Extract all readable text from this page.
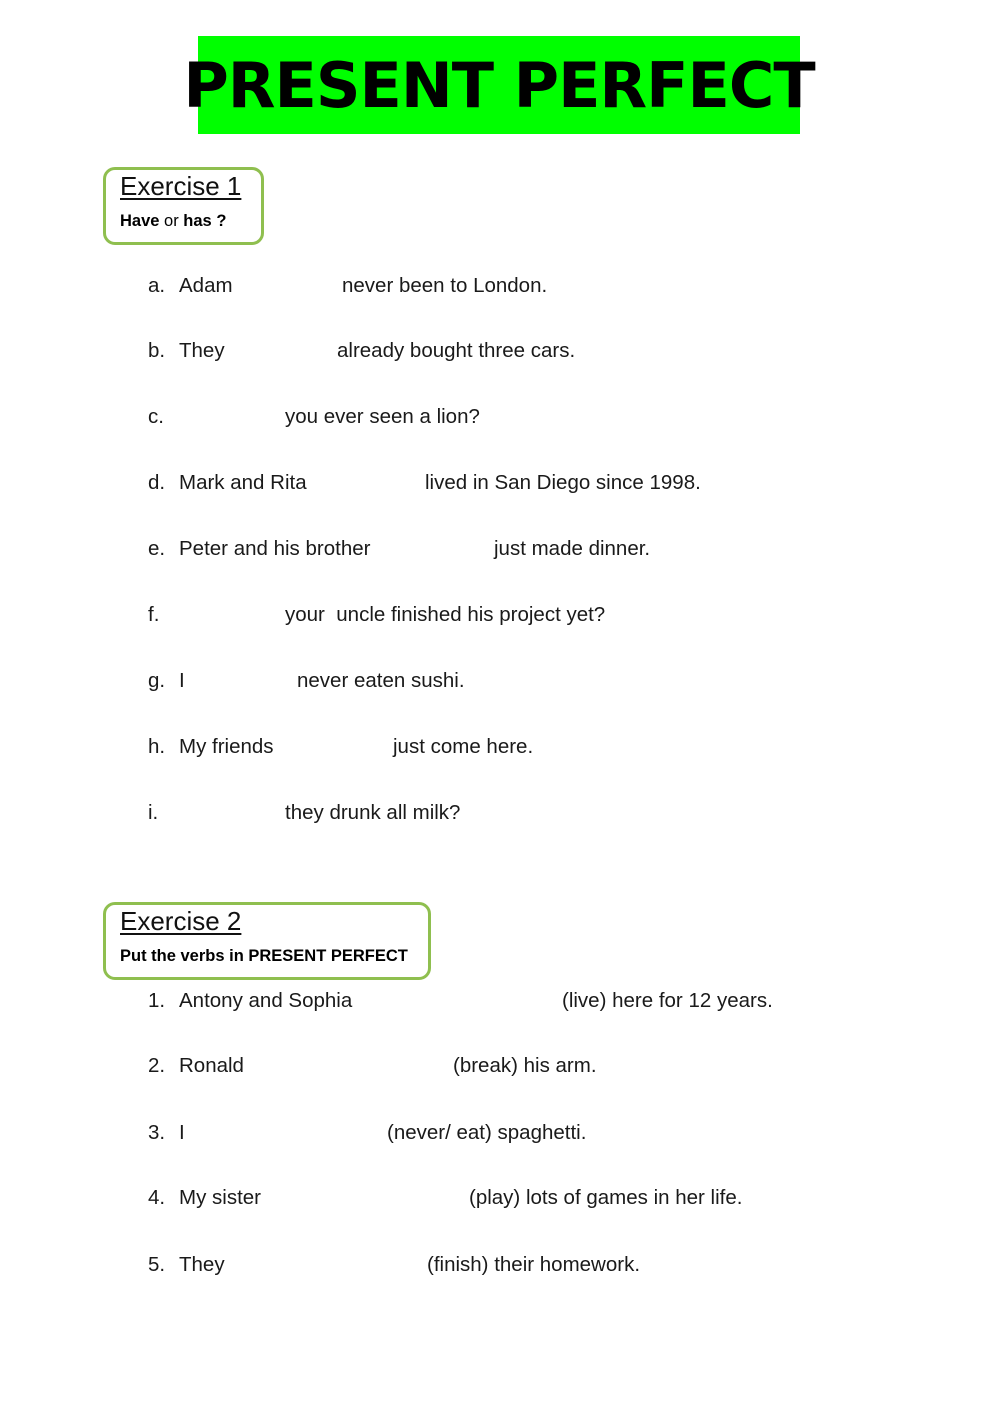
PRESENT PERFECT
Exercise 1
Have or has ?
a. Adam	never been to London.
b. They	already bought three cars.
c.	you ever seen a lion?
d. Mark and Rita	lived in San Diego since 1998.
e. Peter and his brother	just made dinner.
f.	your  uncle finished his project yet?
g. I	never eaten sushi.
h. My friends	just come here.
i.	they drunk all milk?
Exercise 2
Put the verbs in PRESENT PERFECT
1. Antony and Sophia	(live) here for 12 years.
2. Ronald	(break) his arm.
3. I	(never/ eat) spaghetti.
4. My sister	(play) lots of games in her life.
5. They	(finish) their homework.
